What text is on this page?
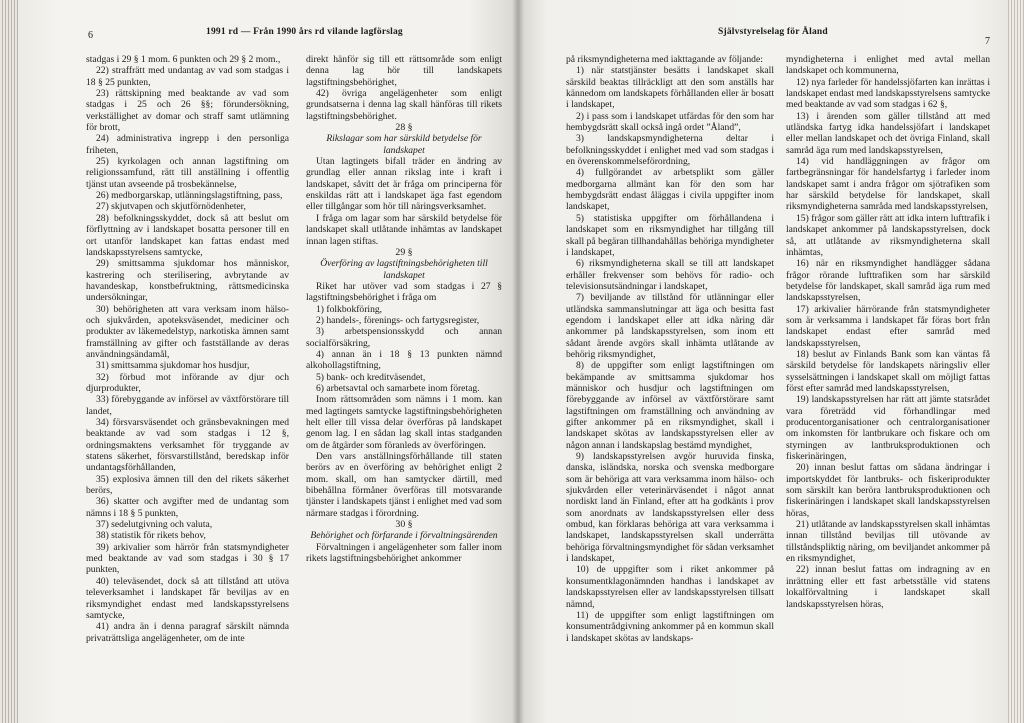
6	1991 rd — Från 1990 års rd vilande lagförslag

stadgas i 29 § 1 mom. 6 punkten och 29 § 2 mom.,

22) straffrätt med undantag av vad som stadgas i 18 § 25 punkten,

23) rättskipning med beaktande av vad som stadgas i 25 och 26 §§; förundersökning, verkställighet av domar och straff samt utlämning för brott,

24) administrativa ingrepp i den personliga friheten,

25) kyrkolagen och annan lagstiftning om religionssamfund, rätt till anställning i offentlig tjänst utan avseende på trosbekännelse,

26) medborgarskap, utlänningslagstiftning, pass,

27) skjutvapen och skjutförnödenheter,

28) befolkningsskyddet, dock så att beslut om förflyttning av i landskapet bosatta personer till en ort utanför landskapet kan fattas endast med landskapsstyrelsens samtycke,

29) smittsamma sjukdomar hos människor, kastrering och sterilisering, avbrytande av havandeskap, konstbefruktning, rättsmedicinska undersökningar,

30) behörigheten att vara verksam inom hälso- och sjukvården, apoteksväsendet, mediciner och produkter av läkemedelstyp, narkotiska ämnen samt framställning av gifter och fastställande av deras användningsändamål,

31) smittsamma sjukdomar hos husdjur,

32) förbud mot införande av djur och djurprodukter,

33) förebyggande av införsel av växtförstörare till landet,

34) försvarsväsendet och gränsbevakningen med beaktande av vad som stadgas i 12 §, ordningsmaktens verksamhet för tryggande av statens säkerhet, försvarstillstånd, beredskap inför undantagsförhållanden,

35) explosiva ämnen till den del rikets säkerhet berörs,

36) skatter och avgifter med de undantag som nämns i 18 § 5 punkten,

37) sedelutgivning och valuta,

38) statistik för rikets behov,

39) arkivalier som härrör från statsmyndigheter med beaktande av vad som stadgas i 30 § 17 punkten,

40) televäsendet, dock så att tillstånd att utöva televerksamhet i landskapet får beviljas av en riksmyndighet endast med landskapsstyrelsens samtycke,

41) andra än i denna paragraf särskilt nämnda privaträttsliga angelägenheter, om de inte

direkt hänför sig till ett rättsområde som enligt denna lag hör till landskapets lagstiftningsbehörighet,

42) övriga angelägenheter som enligt grundsatserna i denna lag skall hänföras till rikets lagstiftningsbehörighet.

28 §

Rikslagar som har särskild betydelse för landskapet

Utan lagtingets bifall träder en ändring av grundlag eller annan rikslag inte i kraft i landskapet, såvitt det är fråga om principerna för enskildas rätt att i landskapet äga fast egendom eller tillgångar som hör till näringsverksamhet.

I fråga om lagar som har särskild betydelse för landskapet skall utlåtande inhämtas av landskapet innan lagen stiftas.

29 §

Överföring av lagstiftningsbehörigheten till landskapet

Riket har utöver vad som stadgas i 27 § lagstiftningsbehörighet i fråga om

1) folkbokföring,

2) handels-, förenings- och fartygsregister,

3) arbetspensionsskydd och annan socialförsäkring,

4) annan än i 18 § 13 punkten nämnd alkohollagstiftning,

5) bank- och kreditväsendet,

6) arbetsavtal och samarbete inom företag.

Inom rättsområden som nämns i 1 mom. kan med lagtingets samtycke lagstiftningsbehörigheten helt eller till vissa delar överföras på landskapet genom lag. I en sådan lag skall intas stadganden om de åtgärder som föranleds av överföringen.

Den vars anställningsförhållande till staten berörs av en överföring av behörighet enligt 2 mom. skall, om han samtycker därtill, med bibehållna förmåner överföras till motsvarande tjänster i landskapets tjänst i enlighet med vad som närmare stadgas i förordning.

30 §

Behörighet och förfarande i förvaltningsärenden

Förvaltningen i angelägenheter som faller inom rikets lagstiftningsbehörighet ankommer

Självstyrelselag för Åland
7

på riksmyndigheterna med iakttagande av följande:

1) när statstjänster besätts i landskapet skall särskild beaktas tillräckligt att den som anställs har kännedom om landskapets förhållanden eller är bosatt i landskapet,

2) i pass som i landskapet utfärdas för den som har hembygdsrätt skall också ingå ordet ”Åland”,

3) landskapsmyndigheterna deltar i befolkningsskyddet i enlighet med vad som stadgas i en överenskommelseförordning,

4) fullgörandet av arbetsplikt som gäller medborgarna allmänt kan för den som har hembygdsrätt endast åläggas i civila uppgifter inom landskapet,

5) statistiska uppgifter om förhållandena i landskapet som en riksmyndighet har tillgång till skall på begäran tillhandahållas behöriga myndigheter i landskapet,

6) riksmyndigheterna skall se till att landskapet erhåller frekvenser som behövs för radio- och televisionsutsändningar i landskapet,

7) beviljande av tillstånd för utlänningar eller utländska sammanslutningar att äga och besitta fast egendom i landskapet eller att idka näring där ankommer på landskapsstyrelsen, som inom ett sådant ärende avgörs skall inhämta utlåtande av behörig riksmyndighet,

8) de uppgifter som enligt lagstiftningen om bekämpande av smittsamma sjukdomar hos människor och husdjur och lagstiftningen om förebyggande av införsel av växtförstörare samt lagstiftningen om framställning och användning av gifter ankommer på en riksmyndighet, skall i landskapet skötas av landskapsstyrelsen eller av någon annan i landskapslag bestämd myndighet,

9) landskapsstyrelsen avgör huruvida finska, danska, isländska, norska och svenska medborgare som är behöriga att vara verksamma inom hälso- och sjukvården eller veterinärväsendet i något annat nordiskt land än Finland, efter att ha godkänts i prov som anordnats av landskapsstyrelsen eller dess ombud, kan förklaras behöriga att vara verksamma i landskapet, landskapsstyrelsen skall underrätta behöriga förvaltningsmyndighet för sådan verksamhet i landskapet,

10) de uppgifter som i riket ankommer på konsumentklagonämnden handhas i landskapet av landskapsstyrelsen eller av landskapsstyrelsen tillsatt nämnd,

11) de uppgifter som enligt lagstiftningen om konsumentrådgivning ankommer på en kommun skall i landskapet skötas av landskaps-

myndigheterna i enlighet med avtal mellan landskapet och kommunerna,

12) nya farleder för handelssjöfarten kan inrättas i landskapet endast med landskapsstyrelsens samtycke med beaktande av vad som stadgas i 62 §,

13) i ärenden som gäller tillstånd att med utländska fartyg idka handelssjöfart i landskapet eller mellan landskapet och det övriga Finland, skall samråd äga rum med landskapsstyrelsen,

14) vid handläggningen av frågor om fartbegränsningar för handelsfartyg i farleder inom landskapet samt i andra frågor om sjötrafiken som har särskild betydelse för landskapet, skall riksmyndigheterna samråda med landskapsstyrelsen,

15) frågor som gäller rätt att idka intern lufttrafik i landskapet ankommer på landskapsstyrelsen, dock så, att utlåtande av riksmyndigheterna skall inhämtas,

16) när en riksmyndighet handlägger sådana frågor rörande lufttrafiken som har särskild betydelse för landskapet, skall samråd äga rum med landskapsstyrelsen,

17) arkivalier härrörande från statsmyndigheter som är verksamma i landskapet får föras bort från landskapet endast efter samråd med landskapsstyrelsen,

18) beslut av Finlands Bank som kan väntas få särskild betydelse för landskapets näringsliv eller sysselsättningen i landskapet skall om möjligt fattas först efter samråd med landskapsstyrelsen,

19) landskapsstyrelsen har rätt att jämte statsrådet vara företrädd vid förhandlingar med producentorganisationer och centralorganisationer om inkomsten för lantbrukare och fiskare och om styrningen av lantbruksproduktionen och fiskerinäringen,

20) innan beslut fattas om sådana ändringar i importskyddet för lantbruks- och fiskeriprodukter som särskilt kan beröra lantbruksproduktionen och fiskerinäringen i landskapet skall landskapsstyrelsen höras,

21) utlåtande av landskapsstyrelsen skall inhämtas innan tillstånd beviljas till utövande av tillståndspliktig näring, om beviljandet ankommer på en riksmyndighet,

22) innan beslut fattas om indragning av en inrättning eller ett fast arbetsställe vid statens lokalförvaltning i landskapet skall landskapsstyrelsen höras,
